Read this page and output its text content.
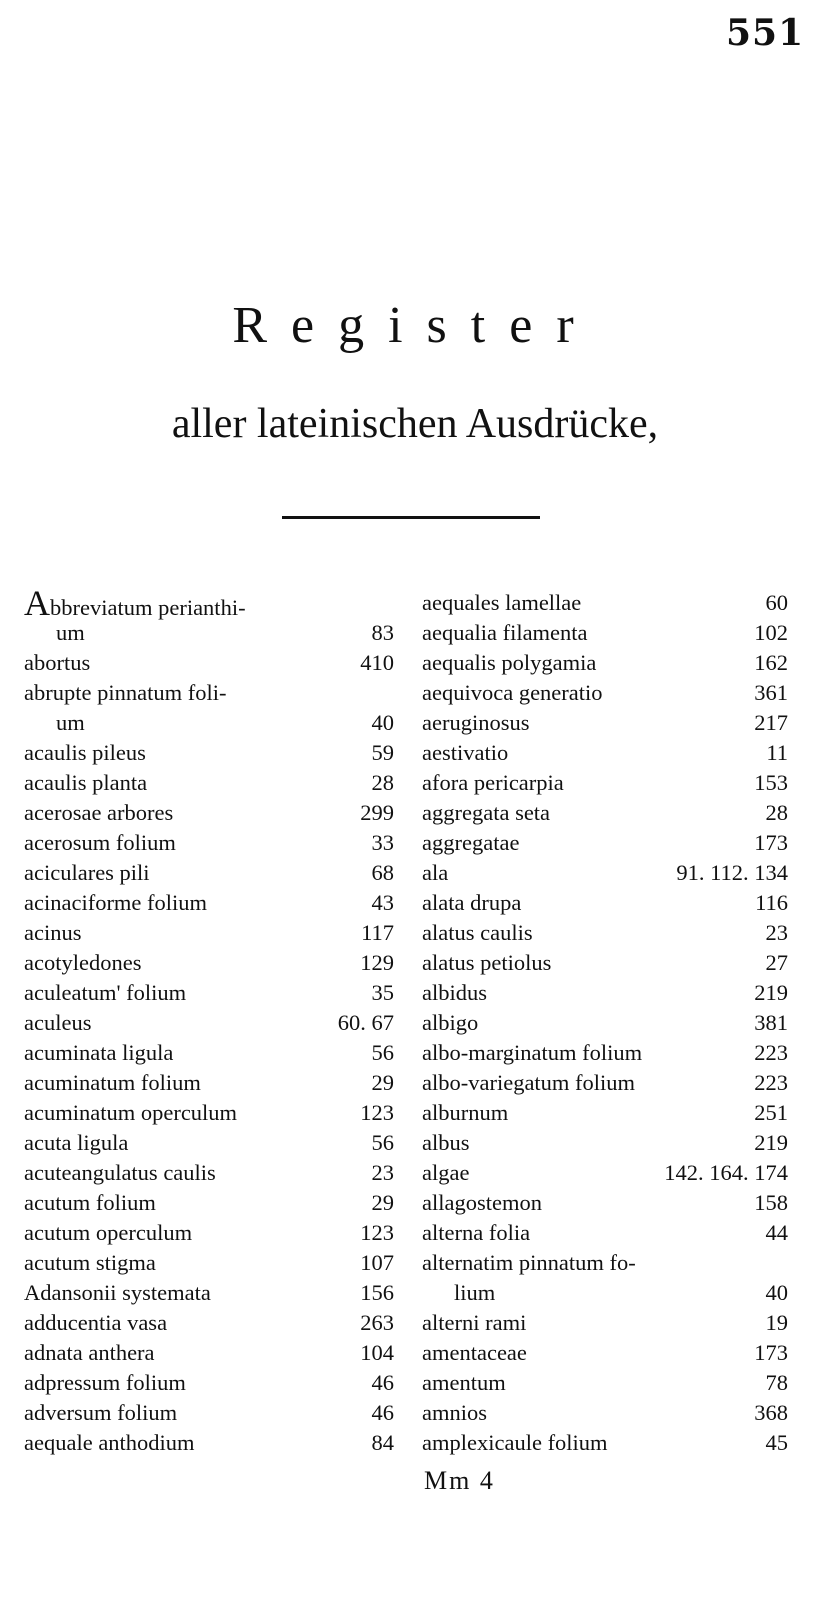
551
Register
aller lateinischen Ausdrücke,
Abbreviatum perianthi-
um	83
abortus	410
abrupte pinnatum foli-
um	40
acaulis pileus	59
acaulis planta	28
acerosae arbores	299
acerosum folium	33
aciculares pili	68
acinaciforme folium	43
acinus	117
acotyledones	129
aculeatum' folium	35
aculeus	60. 67
acuminata ligula	56
acuminatum folium	29
acuminatum operculum	123
acuta ligula	56
acuteangulatus caulis	23
acutum folium	29
acutum operculum	123
acutum stigma	107
Adansonii systemata	156
adducentia vasa	263
adnata anthera	104
adpressum folium	46
adversum folium	46
aequale anthodium	84
aequales lamellae	60
aequalia filamenta	102
aequalis polygamia	162
aequivoca generatio	361
aeruginosus	217
aestivatio	11
afora pericarpia	153
aggregata seta	28
aggregatae	173
ala	91. 112. 134
alata drupa	116
alatus caulis	23
alatus petiolus	27
albidus	219
albigo	381
albo-marginatum folium	223
albo-variegatum folium	223
alburnum	251
albus	219
algae	142. 164. 174
allagostemon	158
alterna folia	44
alternatim pinnatum fo-
lium	40
alterni rami	19
amentaceae	173
amentum	78
amnios	368
amplexicaule folium	45
Mm 4
